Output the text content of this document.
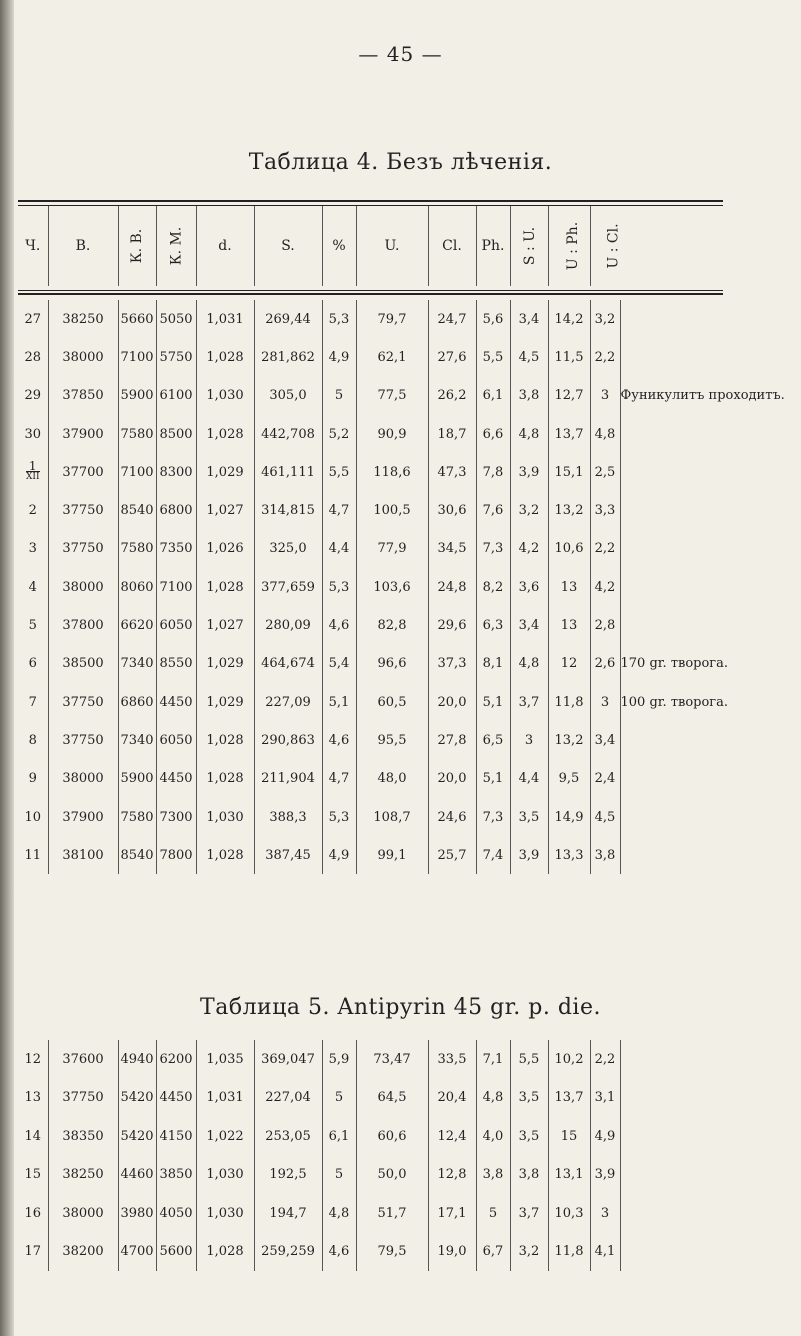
— 45 —
Таблица 4. Безъ лѣченія.
Ч.	В.	К. В.	К. М.	d.	S.	%	U.	Cl.	Ph.	S : U.	U : Ph.	U : Cl.	
27	38250	5660	5050	1,031	269,44	5,3	79,7	24,7	5,6	3,4	14,2	3,2	
28	38000	7100	5750	1,028	281,862	4,9	62,1	27,6	5,5	4,5	11,5	2,2	
29	37850	5900	6100	1,030	305,0	5	77,5	26,2	6,1	3,8	12,7	3	Фуникулитъ проходитъ.
30	37900	7580	8500	1,028	442,708	5,2	90,9	18,7	6,6	4,8	13,7	4,8	
$\frac{1}{\text{XII}}$	37700	7100	8300	1,029	461,111	5,5	118,6	47,3	7,8	3,9	15,1	2,5	
2	37750	8540	6800	1,027	314,815	4,7	100,5	30,6	7,6	3,2	13,2	3,3	
3	37750	7580	7350	1,026	325,0	4,4	77,9	34,5	7,3	4,2	10,6	2,2	
4	38000	8060	7100	1,028	377,659	5,3	103,6	24,8	8,2	3,6	13	4,2	
5	37800	6620	6050	1,027	280,09	4,6	82,8	29,6	6,3	3,4	13	2,8	
6	38500	7340	8550	1,029	464,674	5,4	96,6	37,3	8,1	4,8	12	2,6	170 gr. творога.
7	37750	6860	4450	1,029	227,09	5,1	60,5	20,0	5,1	3,7	11,8	3	100 gr. творога.
8	37750	7340	6050	1,028	290,863	4,6	95,5	27,8	6,5	3	13,2	3,4	
9	38000	5900	4450	1,028	211,904	4,7	48,0	20,0	5,1	4,4	9,5	2,4	
10	37900	7580	7300	1,030	388,3	5,3	108,7	24,6	7,3	3,5	14,9	4,5	
11	38100	8540	7800	1,028	387,45	4,9	99,1	25,7	7,4	3,9	13,3	3,8	
Таблица 5. Antipyrin 45 gr. p. die.
12	37600	4940	6200	1,035	369,047	5,9	73,47	33,5	7,1	5,5	10,2	2,2	
13	37750	5420	4450	1,031	227,04	5	64,5	20,4	4,8	3,5	13,7	3,1	
14	38350	5420	4150	1,022	253,05	6,1	60,6	12,4	4,0	3,5	15	4,9	
15	38250	4460	3850	1,030	192,5	5	50,0	12,8	3,8	3,8	13,1	3,9	
16	38000	3980	4050	1,030	194,7	4,8	51,7	17,1	5	3,7	10,3	3	
17	38200	4700	5600	1,028	259,259	4,6	79,5	19,0	6,7	3,2	11,8	4,1	
